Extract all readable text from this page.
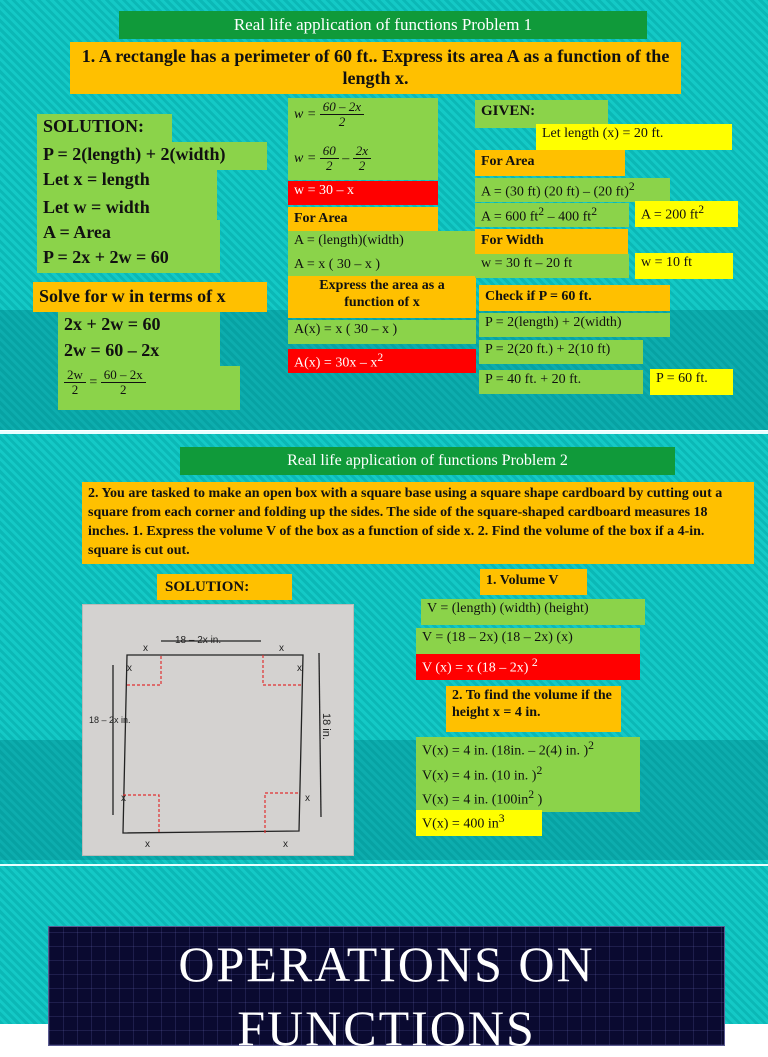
Real life application of functions Problem 1
1. A rectangle has a perimeter of 60 ft.. Express its area A as a function of the length x.
SOLUTION:
P = 2(length) + 2(width)
Let x = length
Let w = width
A = Area
P = 2x + 2w = 60
Solve for w in terms of x
2x + 2w = 60
2w = 60 – 2x
$\frac{2w}{2} = \frac{60 - 2x}{2}$
$w = \frac{60 - 2x}{2}$
$w = \frac{60}{2} - \frac{2x}{2}$
w = 30 – x
For Area
A = (length)(width)
A = x ( 30 – x )
Express the area as a function of x
A(x) = x ( 30 – x )
$A(x) = 30x - x^2$
GIVEN:
Let length (x) = 20 ft.
For Area
A = (30 ft) (20 ft) – (20 ft)$^2$
A = 600 $ft^2 - 400$ $ft^2$	A = 200 $ft^2$
For Width
w = 30 ft – 20 ft	w = 10 ft
Check if P = 60 ft.
P = 2(length) + 2(width)
P = 2(20 ft.) + 2(10 ft)
P = 40 ft. + 20 ft.	P = 60 ft.
Real life application of functions Problem 2
2. You are tasked to make an open box with a square base using a square shape cardboard by cutting out a square from each corner and folding up the sides. The side of the square-shaped cardboard measures 18 inches. 1. Express the volume V of the box as a function of side x. 2. Find the volume of the box if a 4-in. square is cut out.
SOLUTION:
18 – 2x in.
18 – 2x in.	18 in.
x	x
x	x
x	x
x	x
1. Volume V
V = (length) (width) (height)
V = (18 – 2x) (18 – 2x) (x)
V (x) = x (18 – 2x) $^2$
2. To find the volume if the height x = 4 in.
V(x) = 4 in. (18in. – 2(4) in. )$^2$
V(x) = 4 in. (10 in. )$^2$
V(x) = 4 in. ($100in^2$ )
V(x) = 400 $in^3$
OPERATIONS ON
FUNCTIONS
